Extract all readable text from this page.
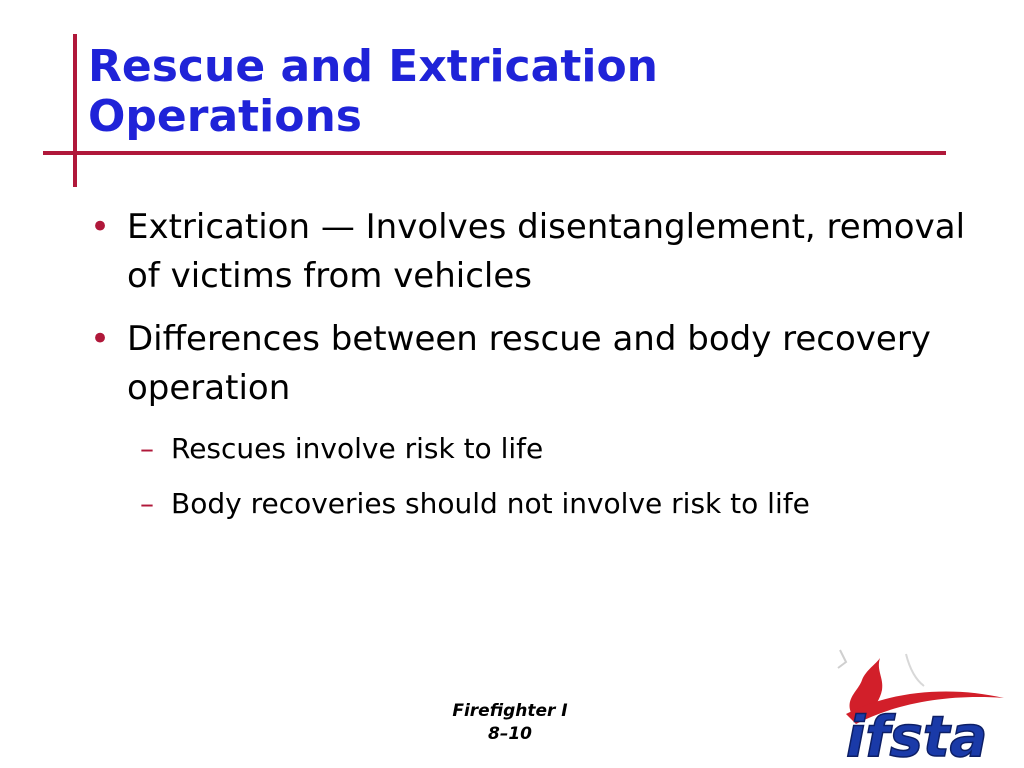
Rescue and Extrication
Operations
• Extrication — Involves disentanglement, removal of victims from vehicles
• Differences between rescue and body recovery operation
– Rescues involve risk to life
– Body recoveries should not involve risk to life
Firefighter I
8–10	ifsta
